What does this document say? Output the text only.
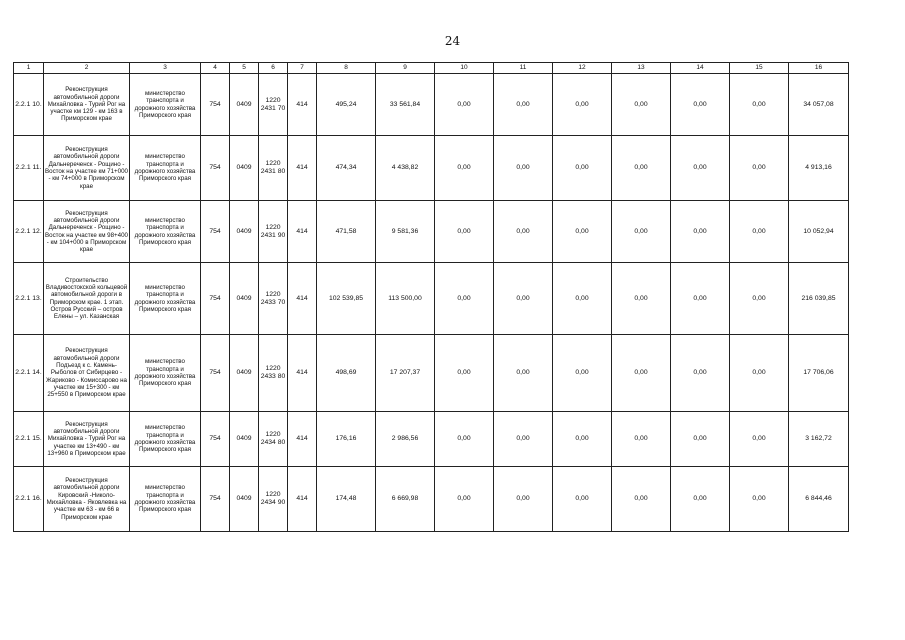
24
1	2	3	4	5	6	7	8	9	10	11	12	13	14	15	16
2.2.1 10.	Реконструкция автомобильной дороги Михайловка - Турий Рог на участке км 129 - км 163 в Приморском крае	министерство транспорта и дорожного хозяйства Приморского края	754	0409	1220 2431 70	414	495,24	33 561,84	0,00	0,00	0,00	0,00	0,00	0,00	34 057,08
2.2.1 11.	Реконструкция автомобильной дороги Дальнереченск - Рощино - Восток на участке км 71+000 - км 74+000 в Приморском крае	министерство транспорта и дорожного хозяйства Приморского края	754	0409	1220 2431 80	414	474,34	4 438,82	0,00	0,00	0,00	0,00	0,00	0,00	4 913,16
2.2.1 12.	Реконструкция автомобильной дороги Дальнереченск - Рощино - Восток на участке км 98+400 - км 104+000 в Приморском крае	министерство транспорта и дорожного хозяйства Приморского края	754	0409	1220 2431 90	414	471,58	9 581,36	0,00	0,00	0,00	0,00	0,00	0,00	10 052,94
2.2.1 13.	Строительство Владивостокской кольцевой автомобильной дороги в Приморском крае. 1 этап. Остров Русский – остров Елены – ул. Казанская	министерство транспорта и дорожного хозяйства Приморского края	754	0409	1220 2433 70	414	102 539,85	113 500,00	0,00	0,00	0,00	0,00	0,00	0,00	216 039,85
2.2.1 14.	Реконструкция автомобильной дороги Подъезд к с. Камень-Рыболов от Сибирцево - Жариково - Комиссарово на участке км 15+300 - км 25+550 в Приморском крае	министерство транспорта и дорожного хозяйства Приморского края	754	0409	1220 2433 80	414	498,69	17 207,37	0,00	0,00	0,00	0,00	0,00	0,00	17 706,06
2.2.1 15.	Реконструкция автомобильной дороги Михайловка - Турий Рог на участке км 13+490 - км 13+960 в Приморском крае	министерство транспорта и дорожного хозяйства Приморского края	754	0409	1220 2434 80	414	176,16	2 986,56	0,00	0,00	0,00	0,00	0,00	0,00	3 162,72
2.2.1 16.	Реконструкция автомобильной дороги Кировский -Николо-Михайловка - Яковлевка на участке км 63 - км 66 в Приморском крае	министерство транспорта и дорожного хозяйства Приморского края	754	0409	1220 2434 90	414	174,48	6 669,98	0,00	0,00	0,00	0,00	0,00	0,00	6 844,46
